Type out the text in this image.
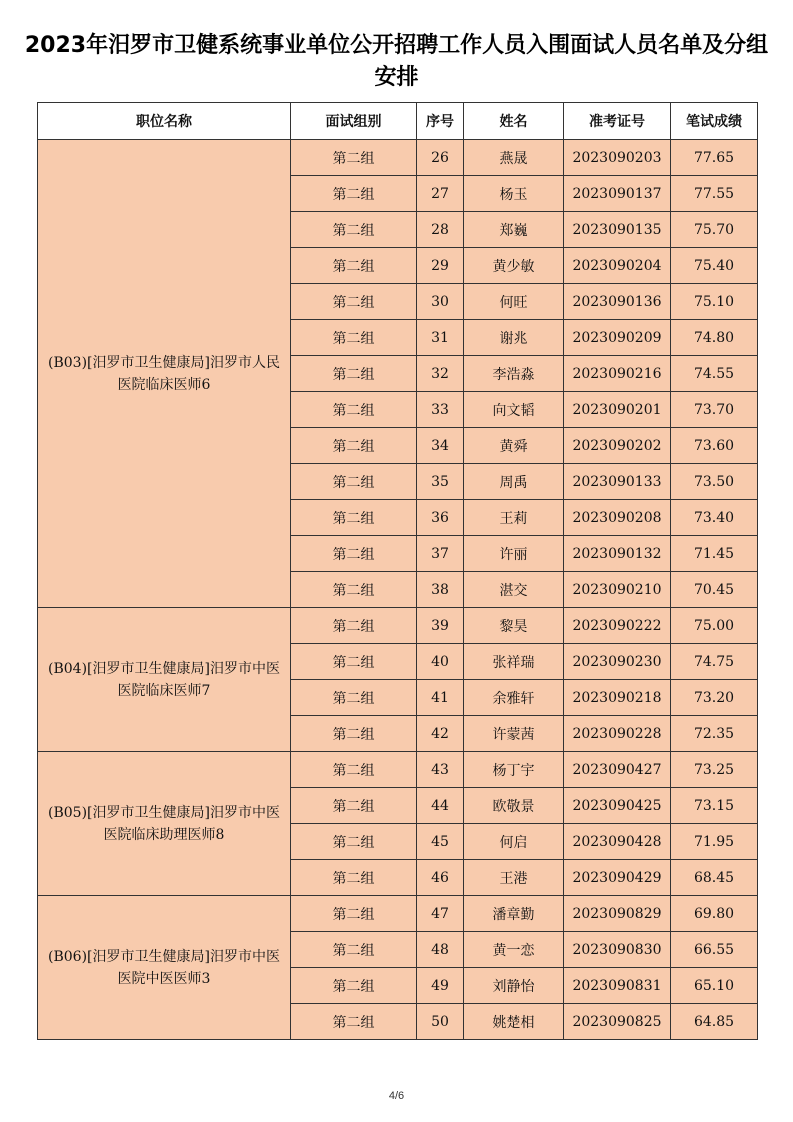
2023年汨罗市卫健系统事业单位公开招聘工作人员入围面试人员名单及分组安排
职位名称	面试组别	序号	姓名	准考证号	笔试成绩
(B03)[汨罗市卫生健康局]汨罗市人民医院临床医师6	第二组	26	燕晟	2023090203	77.65
	第二组	27	杨玉	2023090137	77.55
	第二组	28	郑巍	2023090135	75.70
	第二组	29	黄少敏	2023090204	75.40
	第二组	30	何旺	2023090136	75.10
	第二组	31	谢兆	2023090209	74.80
	第二组	32	李浩淼	2023090216	74.55
	第二组	33	向文韬	2023090201	73.70
	第二组	34	黄舜	2023090202	73.60
	第二组	35	周禹	2023090133	73.50
	第二组	36	王莉	2023090208	73.40
	第二组	37	许丽	2023090132	71.45
	第二组	38	湛交	2023090210	70.45
(B04)[汨罗市卫生健康局]汨罗市中医医院临床医师7	第二组	39	黎昊	2023090222	75.00
	第二组	40	张祥瑞	2023090230	74.75
	第二组	41	余雅轩	2023090218	73.20
	第二组	42	许蒙茜	2023090228	72.35
(B05)[汨罗市卫生健康局]汨罗市中医医院临床助理医师8	第二组	43	杨丁宇	2023090427	73.25
	第二组	44	欧敬景	2023090425	73.15
	第二组	45	何启	2023090428	71.95
	第二组	46	王港	2023090429	68.45
(B06)[汨罗市卫生健康局]汨罗市中医医院中医医师3	第二组	47	潘章勤	2023090829	69.80
	第二组	48	黄一恋	2023090830	66.55
	第二组	49	刘静怡	2023090831	65.10
	第二组	50	姚楚相	2023090825	64.85
4/6
